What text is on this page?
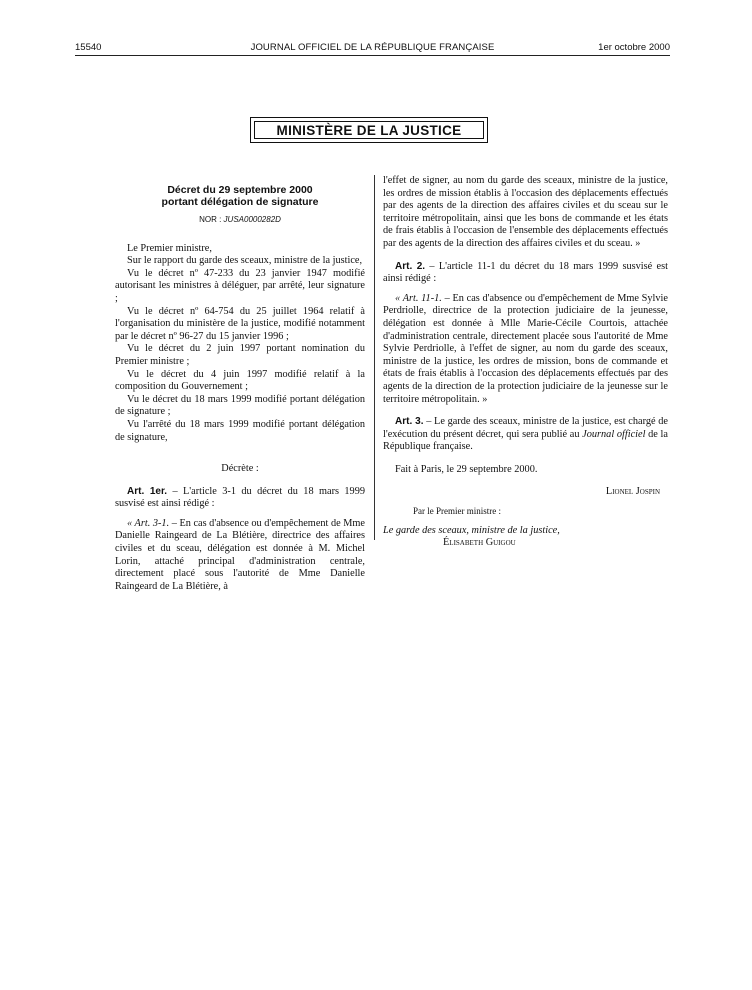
15540	JOURNAL OFFICIEL DE LA RÉPUBLIQUE FRANÇAISE	1er octobre 2000
MINISTÈRE DE LA JUSTICE
Décret du 29 septembre 2000
portant délégation de signature
NOR : JUSA0000282D

Le Premier ministre,

Sur le rapport du garde des sceaux, ministre de la justice,

Vu le décret nº 47-233 du 23 janvier 1947 modifié autorisant les ministres à déléguer, par arrêté, leur signature ;

Vu le décret nº 64-754 du 25 juillet 1964 relatif à l'organisation du ministère de la justice, modifié notamment par le décret nº 96-27 du 15 janvier 1996 ;

Vu le décret du 2 juin 1997 portant nomination du Premier ministre ;

Vu le décret du 4 juin 1997 modifié relatif à la composition du Gouvernement ;

Vu le décret du 18 mars 1999 modifié portant délégation de signature ;

Vu l'arrêté du 18 mars 1999 modifié portant délégation de signature,

Décrète :

Art. 1er. – L'article 3-1 du décret du 18 mars 1999 susvisé est ainsi rédigé :

« Art. 3-1. – En cas d'absence ou d'empêchement de Mme Danielle Raingeard de La Blétière, directrice des affaires civiles et du sceau, délégation est donnée à M. Michel Lorin, attaché principal d'administration centrale, directement placé sous l'autorité de Mme Danielle Raingeard de La Blétière, à

l'effet de signer, au nom du garde des sceaux, ministre de la justice, les ordres de mission établis à l'occasion des déplacements effectués par des agents de la direction des affaires civiles et du sceau sur le territoire métropolitain, ainsi que les bons de commande et les états de frais établis à l'occasion de l'ensemble des déplacements effectués par des agents de la direction des affaires civiles et du sceau. »

Art. 2. – L'article 11-1 du décret du 18 mars 1999 susvisé est ainsi rédigé :

« Art. 11-1. – En cas d'absence ou d'empêchement de Mme Sylvie Perdriolle, directrice de la protection judiciaire de la jeunesse, délégation est donnée à Mlle Marie-Cécile Courtois, attachée d'administration centrale, directement placée sous l'autorité de Mme Sylvie Perdriolle, à l'effet de signer, au nom du garde des sceaux, ministre de la justice, les ordres de mission, bons de commande et états de frais établis à l'occasion des déplacements effectués par des agents de la direction de la protection judiciaire de la jeunesse sur le territoire métropolitain. »

Art. 3. – Le garde des sceaux, ministre de la justice, est chargé de l'exécution du présent décret, qui sera publié au Journal officiel de la République française.

Fait à Paris, le 29 septembre 2000.

Lionel Jospin

Par le Premier ministre :

Le garde des sceaux, ministre de la justice,

Élisabeth Guigou
